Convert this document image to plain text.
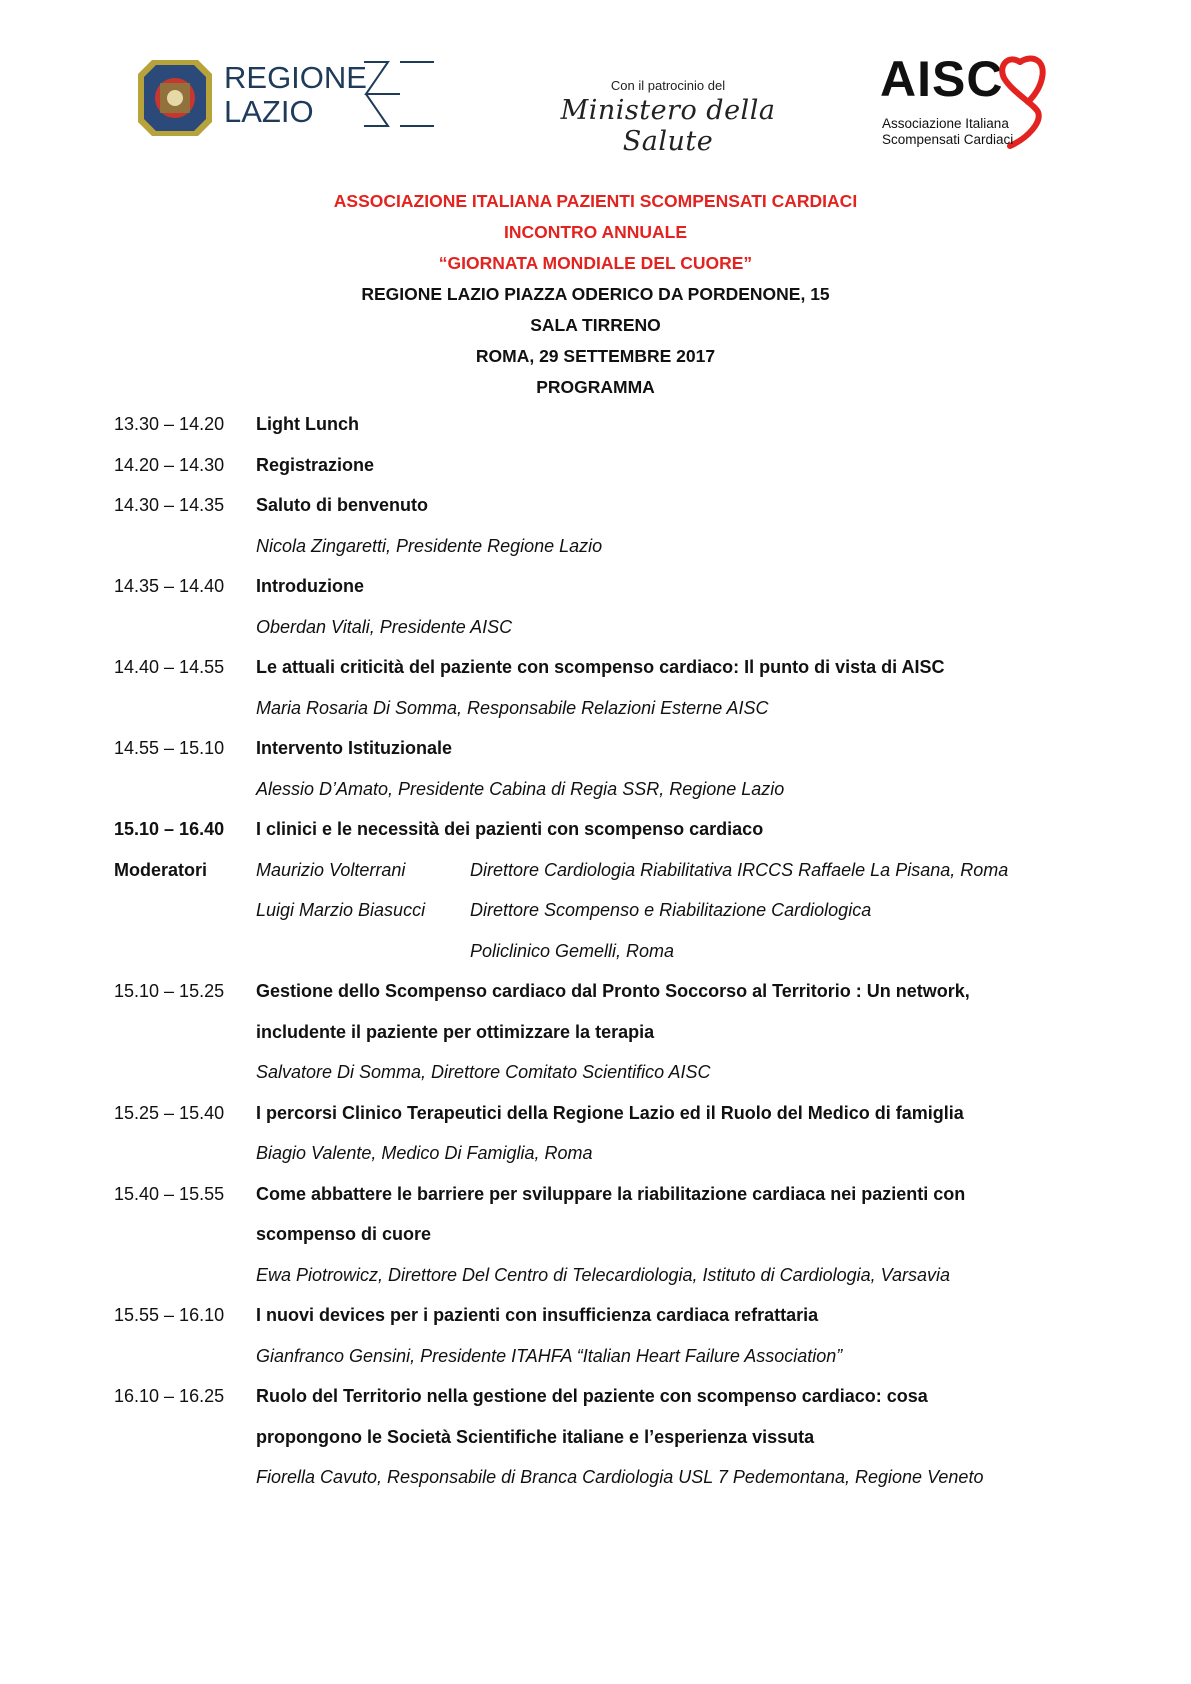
REGIONE
LAZIO
Con il patrocinio del
Ministero della Salute
AISC
Associazione Italiana
Scompensati Cardiaci
ASSOCIAZIONE ITALIANA PAZIENTI SCOMPENSATI CARDIACI
INCONTRO ANNUALE
“GIORNATA MONDIALE DEL CUORE”
REGIONE LAZIO PIAZZA ODERICO DA PORDENONE, 15
SALA TIRRENO
ROMA, 29 SETTEMBRE 2017
PROGRAMMA
13.30 – 14.20	Light Lunch
14.20 – 14.30	Registrazione
14.30 – 14.35	Saluto di benvenuto
Nicola Zingaretti, Presidente Regione Lazio
14.35 – 14.40	Introduzione
Oberdan Vitali, Presidente AISC
14.40 – 14.55	Le attuali criticità del paziente con scompenso cardiaco: Il punto di vista di AISC
Maria Rosaria Di Somma, Responsabile Relazioni Esterne AISC
14.55 – 15.10	Intervento Istituzionale
Alessio D’Amato, Presidente Cabina di Regia SSR, Regione Lazio
15.10 – 16.40	I clinici e le necessità dei pazienti con scompenso cardiaco
Moderatori	Maurizio Volterrani	Direttore Cardiologia Riabilitativa IRCCS Raffaele La Pisana, Roma
Luigi Marzio Biasucci	Direttore Scompenso e Riabilitazione Cardiologica
Policlinico Gemelli, Roma
15.10 – 15.25	Gestione dello Scompenso cardiaco dal Pronto Soccorso al Territorio : Un network,
includente il paziente per ottimizzare la terapia
Salvatore Di Somma, Direttore Comitato Scientifico AISC
15.25 – 15.40	I percorsi Clinico Terapeutici della Regione Lazio ed il Ruolo del Medico di famiglia
Biagio Valente, Medico Di Famiglia, Roma
15.40 – 15.55	Come abbattere le barriere per sviluppare la riabilitazione cardiaca nei pazienti con
scompenso di cuore
Ewa Piotrowicz, Direttore Del Centro di Telecardiologia, Istituto di Cardiologia, Varsavia
15.55 – 16.10	I nuovi devices per i pazienti con insufficienza cardiaca refrattaria
Gianfranco Gensini, Presidente ITAHFA “Italian Heart Failure Association”
16.10 – 16.25	Ruolo del Territorio nella gestione del paziente con scompenso cardiaco: cosa
propongono le Società Scientifiche italiane e l’esperienza vissuta
Fiorella Cavuto, Responsabile di Branca Cardiologia USL 7 Pedemontana, Regione Veneto
